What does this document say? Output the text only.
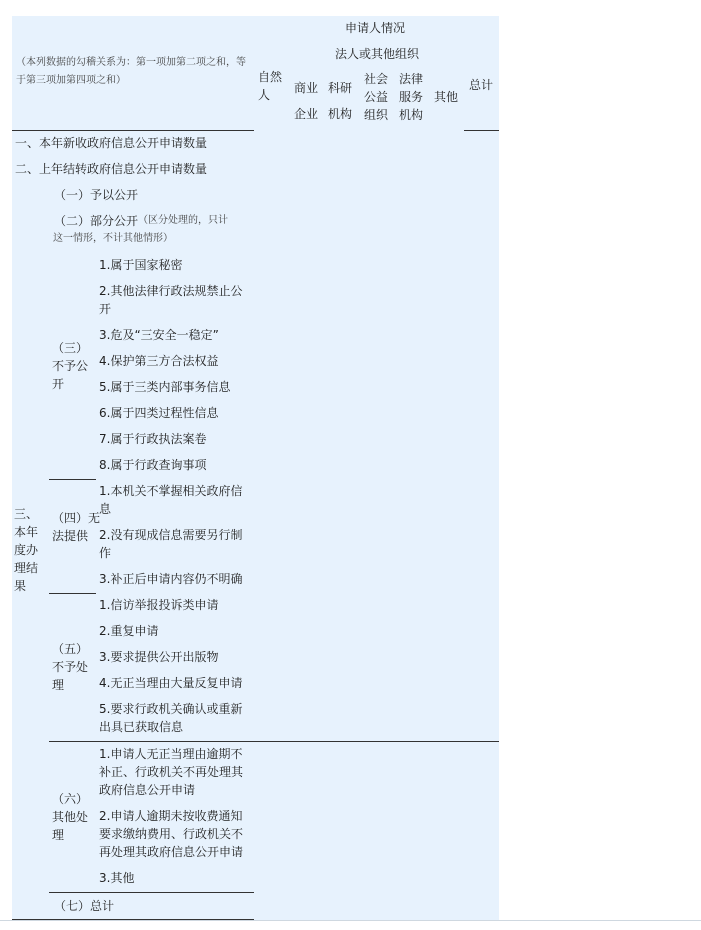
申请人情况
法人或其他组织
（本列数据的勾稽关系为：第一项加第二项之和，等于第三项加第四项之和）	自然人	商业企业
科研机构
社会公益组织
法律服务机构
其他
总计
一、本年新收政府信息公开申请数量
二、上年结转政府信息公开申请数量
三、本年度办理结果
（一）予以公开
（二）部分公开 （区分处理的，只计
这一情形，不计其他情形）
（三）不予公开
1.属于国家秘密
2.其他法律行政法规禁止公开
3.危及“三安全一稳定”
4.保护第三方合法权益
5.属于三类内部事务信息
6.属于四类过程性信息
7.属于行政执法案卷
8.属于行政查询事项
（四）无法提供
1.本机关不掌握相关政府信息
2.没有现成信息需要另行制作
3.补正后申请内容仍不明确
（五）不予处理
1.信访举报投诉类申请
2.重复申请
3.要求提供公开出版物
4.无正当理由大量反复申请
5.要求行政机关确认或重新出具已获取信息
（六）其他处理
1.申请人无正当理由逾期不补正、行政机关不再处理其政府信息公开申请
2.申请人逾期未按收费通知要求缴纳费用、行政机关不再处理其政府信息公开申请
3.其他
（七）总计
